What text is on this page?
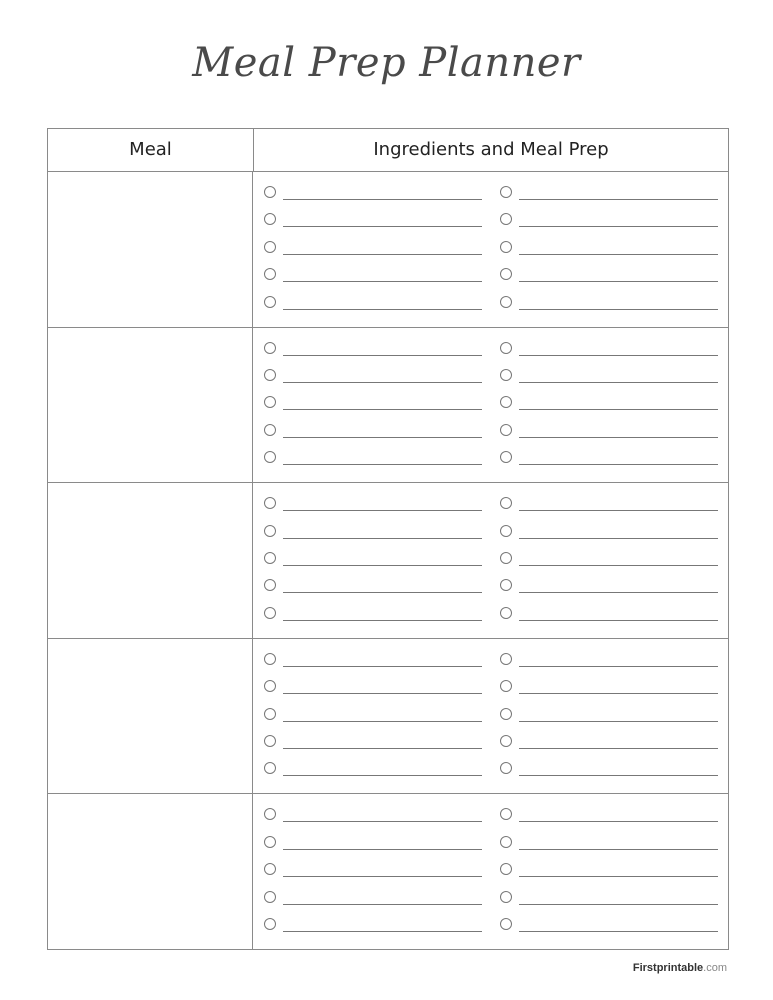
Meal Prep Planner
Meal	Ingredients and Meal Prep
Firstprintable.com
